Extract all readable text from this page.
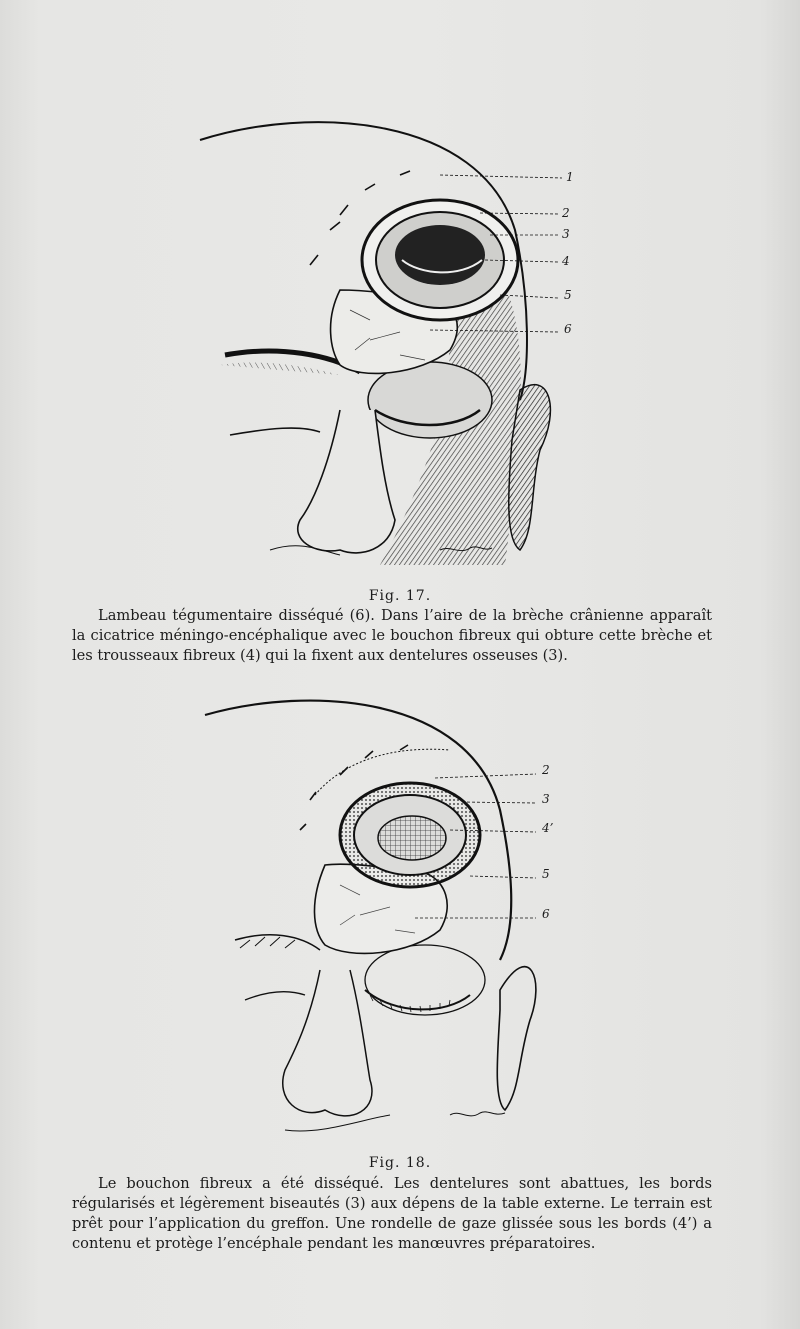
1
2
3
4
5
6
Fig. 17.

Lambeau tégumentaire disséqué (6). Dans l’aire de la brèche crânienne apparaît la cicatrice méningo-encéphalique avec le bouchon fibreux qui obture cette brèche et les trousseaux fibreux (4) qui la fixent aux dentelures osseuses (3).

2
3
4’
5
6
Fig. 18.

Le bouchon fibreux a été disséqué. Les dentelures sont abattues, les bords régularisés et légèrement biseautés (3) aux dépens de la table externe. Le terrain est prêt pour l’application du greffon. Une rondelle de gaze glissée sous les bords (4’) a contenu et protège l’encéphale pendant les manœuvres préparatoires.
